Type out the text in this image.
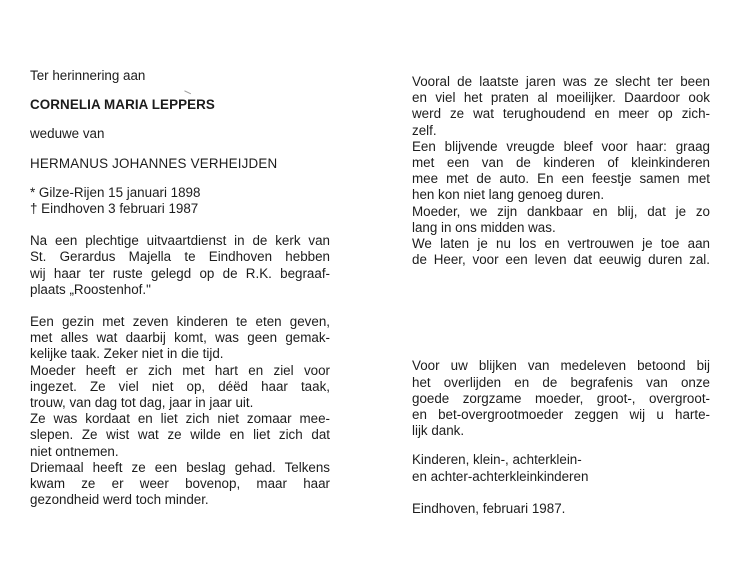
Ter herinnering aan
CORNELIA MARIA LEPPERS
weduwe van
HERMANUS JOHANNES VERHEIJDEN
* Gilze-Rijen 15 januari 1898
† Eindhoven 3 februari 1987
Na een plechtige uitvaartdienst in de kerk van
St. Gerardus Majella te Eindhoven hebben
wij haar ter ruste gelegd op de R.K. begraaf-
plaats „Roostenhof."
Een gezin met zeven kinderen te eten geven,
met alles wat daarbij komt, was geen gemak-
kelijke taak. Zeker niet in die tijd.
Moeder heeft er zich met hart en ziel voor
ingezet. Ze viel niet op, déëd haar taak,
trouw, van dag tot dag, jaar in jaar uit.
Ze was kordaat en liet zich niet zomaar mee-
slepen. Ze wist wat ze wilde en liet zich dat
niet ontnemen.
Driemaal heeft ze een beslag gehad. Telkens
kwam ze er weer bovenop, maar haar
gezondheid werd toch minder.
Vooral de laatste jaren was ze slecht ter been
en viel het praten al moeilijker. Daardoor ook
werd ze wat terughoudend en meer op zich-
zelf.
Een blijvende vreugde bleef voor haar: graag
met een van de kinderen of kleinkinderen
mee met de auto. En een feestje samen met
hen kon niet lang genoeg duren.
Moeder, we zijn dankbaar en blij, dat je zo
lang in ons midden was.
We laten je nu los en vertrouwen je toe aan
de Heer, voor een leven dat eeuwig duren zal.
Voor uw blijken van medeleven betoond bij
het overlijden en de begrafenis van onze
goede zorgzame moeder, groot-, overgroot-
en bet-overgrootmoeder zeggen wij u harte-
lijk dank.
Kinderen, klein-, achterklein-
en achter-achterkleinkinderen
Eindhoven, februari 1987.
